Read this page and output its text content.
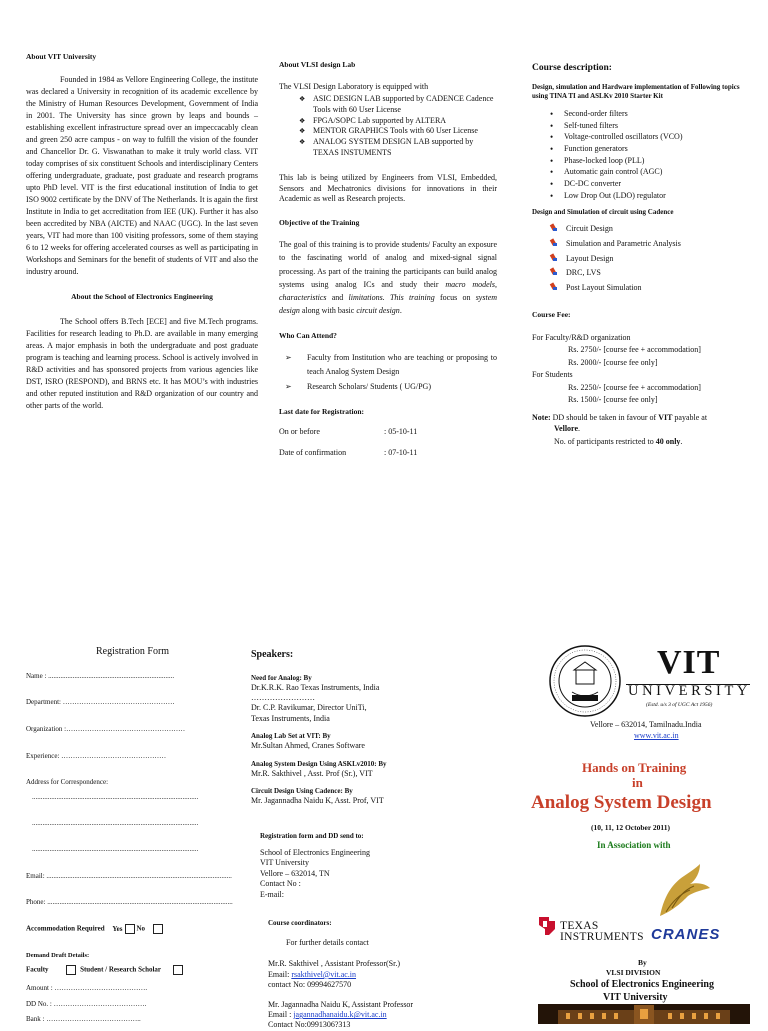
About VIT University

Founded in 1984 as Vellore Engineering College, the institute was declared a University in recognition of its academic excellence by the Ministry of Human Resources Development, Government of India in 2001. The University has since grown by leaps and bounds – establishing excellent infrastructure spread over an impeccacably clean and green 250 acre campus - on way to fulfill the vision of the founder and Chancellor Dr. G. Viswanathan to make it truly world class. VIT today comprises of six constituent Schools and interdisciplinary Centers offering undergraduate, graduate, post graduate and research programs upto PhD level. VIT is the first educational institution of India to get ISO 9002 certificate by the DNV of The Netherlands. It is again the first Institute in India to get accreditation from IEE (UK). Further it has also been accredited by NBA (AICTE) and NAAC (UGC). In the last seven years, VIT had more than 100 visiting professors, some of them staying 6 to 12 weeks for offering accelerated courses as well as participating in Workshops and Seminars for the benefit of students of VIT and also the industry around.

About the School of Electronics Engineering

The School offers B.Tech [ECE] and five M.Tech programs. Facilities for research leading to Ph.D. are available in many emerging areas. A major emphasis in both the undergraduate and post graduate program is teaching and learning process. School is actively involved in R&D activities and has sponsored projects from various agencies like DST, ISRO (RESPOND), and BRNS etc. It has MOU’s with industries and other reputed institution and R&D organization of our country and other parts of the world.

About VLSI design Lab

The VLSI Design Laboratory is equipped with

❖
ASIC DESIGN LAB supported by CADENCE Cadence Tools with 60 User License
❖
FPGA/SOPC Lab supported by ALTERA
❖
MENTOR GRAPHICS Tools with 60 User License
❖
ANALOG SYSTEM DESIGN LAB supported by TEXAS INSTUMENTS

This lab is being utilized by Engineers from VLSI, Embedded, Sensors and Mechatronics divisions for innovations in their Academic as well as Research projects.

Objective of the Training

The goal of this training is to provide students/ Faculty an exposure to the fascinating world of analog and mixed-signal signal processing. As part of the training the participants can build analog systems using analog ICs and study their macro models, characteristics and limitations. This training focus on system design along with basic circuit design.

Who Can Attend?

➢
Faculty from Institution who are teaching or proposing to teach Analog System Design
➢
Research Scholars/ Students ( UG/PG)

Last date for Registration:

On or before	: 05-10-11
Date of confirmation	: 07-10-11

Course description:

Design, simulation and Hardware implementation of Following topics using TINA TI and ASLKv 2010 Starter Kit

•
Second-order filters
•
Self-tuned filters
•
Voltage-controlled oscillators (VCO)
•
Function generators
•
Phase-locked loop (PLL)
•
Automatic gain control (AGC)
•
DC-DC converter
•
Low Drop Out (LDO) regulator

Design and Simulation of circuit using Cadence

Circuit Design
Simulation and Parametric Analysis
Layout Design
DRC, LVS
Post Layout Simulation

Course Fee:

For Faculty/R&D organization

Rs. 2750/- [course fee + accommodation]

Rs. 2000/- [course fee only]

For Students

Rs. 2250/- [course fee + accommodation]

Rs. 1500/- [course fee only]

Note: DD should be taken in favour of VIT payable at

Vellore.

No. of participants restricted to 40 only.

Registration Form
Name : ........................................................................
Department: …………………………………………
Organization :……………………………………………
Experience: ………………………………………
Address for Correspondence:
...............................................................................................
...............................................................................................
...............................................................................................
Email: ..........................................................................................................
Phone: ..........................................................................................................
Accommodation Required Yes No
Demand Draft Details:
Faculty	Student / Research Scholar
Amount : ………………………………….
DD No. : ………………………………….
Bank : …………………………………..

Speakers:

Need for Analog: By

Dr.K.R.K. Rao Texas Instruments, India

……………………

Dr. C.P. Ravikumar, Director UniTi,

Texas Instruments, India

Analog Lab Set at VIT: By

Mr.Sultan Ahmed, Cranes Software

Analog System Design Using ASKLv2010: By

Mr.R. Sakthivel , Asst. Prof (Sr.), VIT

Circuit Design Using Cadence: By

Mr. Jagannadha Naidu K, Asst. Prof, VIT

Registration form and DD send to:

School of Electronics Engineering

VIT University

Vellore – 632014, TN

Contact No :

E-mail:

Course coordinators:

For further details contact

Mr.R. Sakthivel , Assistant Professor(Sr.)

Email: rsakthivel@vit.ac.in

contact No: 09994627570

Mr. Jagannadha Naidu K, Assistant Professor

Email : jagannadhanaidu.k@vit.ac.in

Contact No:0991306?313

VIT
UNIVERSITY
(Estd. u/s 3 of UGC Act 1956)
Vellore – 632014, Tamilnadu.India
www.vit.ac.in
Hands on Training
in
Analog System Design
(10, 11, 12 October 2011)
In Association with
CRANES
TEXAS INSTRUMENTS
By
VLSI DIVISION
School of Electronics Engineering
VIT University
